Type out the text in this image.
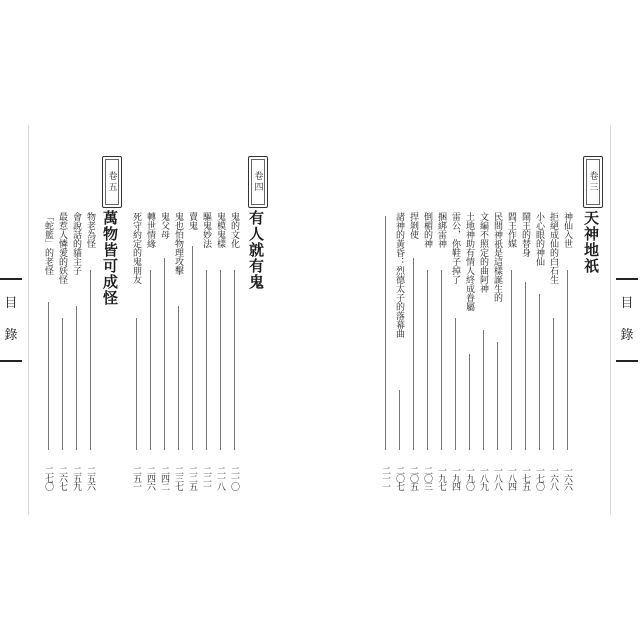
目
錄
目
錄
卷五	卷四	卷三
萬物皆可成怪	有人就有鬼	天神地祇
物老為怪
二五六
會說話的貓主子
二五九
最惹人憐愛的妖怪
二六七
「蛇籃」的老怪
二七〇
鬼的文化
二一〇
鬼模鬼樣
二一八
驅鬼妙法
二二一
賣鬼
二二五
鬼也怕物理攻擊
二三七
鬼父母
二四二
轉世情緣
二四六
死守約定的鬼朋友
二五一
神仙入世
一六六
拒絕成仙的白石生
一六八
小心眼的神仙
一七〇
鬧王的替身
一七五
閻王作媒
一八四
民間神祇是這樣誕生的
一八八
文編不照定的曲阿神
一八九
土地神助有情人終成眷屬
一九〇
雷公，你鞋子掉了
一九四
捆綁雷神
一九七
倒楣的神
二〇三
捍剝使
二〇五
諸神的黃昏：烈德太子的落幕曲
二〇七
二一一
